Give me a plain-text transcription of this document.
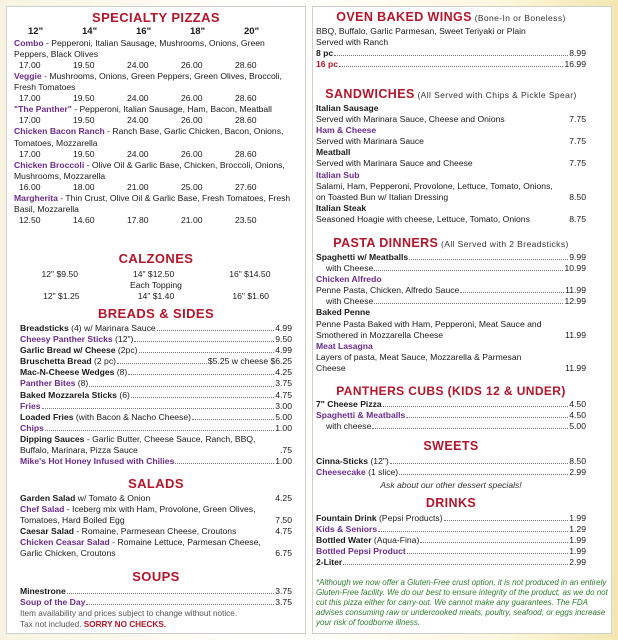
SPECIALTY PIZZAS
12"	14"	16"	18"	20"
Combo - Pepperoni, Italian Sausage, Mushrooms, Onions, Green Peppers, Black Olives
17.00	19.50	24.00	26.00	28.60
Veggie - Mushrooms, Onions, Green Peppers, Green Olives, Broccoli, Fresh Tomatoes
17.00	19.50	24.00	26.00	28.60
"The Panther" - Pepperoni, Italian Sausage, Ham, Bacon, Meatball
17.00	19.50	24.00	26.00	28.60
Chicken Bacon Ranch - Ranch Base, Garlic Chicken, Bacon, Onions, Tomatoes, Mozzarella
17.00	19.50	24.00	26.00	28.60
Chicken Broccoli - Olive Oil & Garlic Base, Chicken, Broccoli, Onions, Mushrooms, Mozzarella
16.00	18.00	21.00	25.00	27.60
Margherita - Thin Crust, Olive Oil & Garlic Base, Fresh Tomatoes, Fresh Basil, Mozzarella
12.50	14.60	17.80	21.00	23.50
CALZONES
12" $9.50	14" $12.50	16" $14.50
Each Topping
12" $1.25	14" $1.40	16" $1.60
BREADS & SIDES
Breadsticks (4) w/ Marinara Sauce	4.99
Cheesy Panther Sticks (12")	9.50
Garlic Bread w/ Cheese (2pc)	4.99
Bruschetta Bread (2 pc)	$5.25 w cheese $6.25
Mac-N-Cheese Wedges (8)	4.25
Panther Bites (8)	3.75
Baked Mozzarela Sticks (6)	4.75
Fries	3.00
Loaded Fries (with Bacon & Nacho Cheese)	5.00
Chips	1.00
Dipping Sauces - Garlic Butter, Cheese Sauce, Ranch, BBQ, Buffalo, Marinara, Pizza Sauce	.75
Mike's Hot Honey Infused with Chilies	1.00
SALADS
Garden Salad w/ Tomato & Onion	4.25
Chef Salad - Iceberg mix with Ham, Provolone, Green Olives, Tomatoes, Hard Boiled Egg	7.50
Caesar Salad - Romaine, Parmesean Cheese, Croutons	4.75
Chicken Ceasar Salad - Romaine Lettuce, Parmesan Cheese, Garlic Chicken, Croutons	6.75
SOUPS
Minestrone	3.75
Soup of the Day	3.75
Item availability and prices subject to change without notice.
Tax not included. SORRY NO CHECKS.
OVEN BAKED WINGS (Bone-In or Boneless)
BBQ, Buffalo, Garlic Parmesan, Sweet Teriyaki or Plain Served with Ranch
8 pc	8.99
16 pc	16.99
SANDWICHES (All Served with Chips & Pickle Spear)
Italian Sausage
Served with Marinara Sauce, Cheese and Onions	7.75
Ham & Cheese
Served with Marinara Sauce	7.75
Meatball
Served with Marinara Sauce and Cheese	7.75
Italian Sub
Salami, Ham, Pepperoni, Provolone, Lettuce, Tomato, Onions, on Toasted Bun w/ Italian Dressing	8.50
Italian Steak
Seasoned Hoagie with cheese, Lettuce, Tomato, Onions	8.75
PASTA DINNERS (All Served with 2 Breadsticks)
Spaghetti w/ Meatballs	9.99
with Cheese	10.99
Chicken Alfredo
Penne Pasta, Chicken, Alfredo Sauce	11.99
with Cheese	12.99
Baked Penne
Penne Pasta Baked with Ham, Pepperoni, Meat Sauce and Smothered in Mozzarella Cheese	11.99
Meat Lasagna
Layers of pasta, Meat Sauce, Mozzarella & Parmesan Cheese	11.99
PANTHERS CUBS (KIDS 12 & UNDER)
7" Cheese Pizza	4.50
Spaghetti & Meatballs	4.50
with cheese	5.00
SWEETS
Cinna-Sticks (12")	8.50
Cheesecake (1 slice)	2.99
Ask about our other dessert specials!
DRINKS
Fountain Drink (Pepsi Products)	1.99
Kids & Seniors	1.29
Bottled Water (Aqua-Fina)	1.99
Bottled Pepsi Product	1.99
2-Liter	2.99
*Although we now offer a Gluten-Free crust option, it is not produced in an entirely Gluten-Free facility. We do our best to ensure integrity of the product, as we do not cut this pizza either for carry-out. We cannot make any guarantees. The FDA advises consuming raw or undercooked meats, poultry, seafood, or eggs increase your risk of foodborne illness.
